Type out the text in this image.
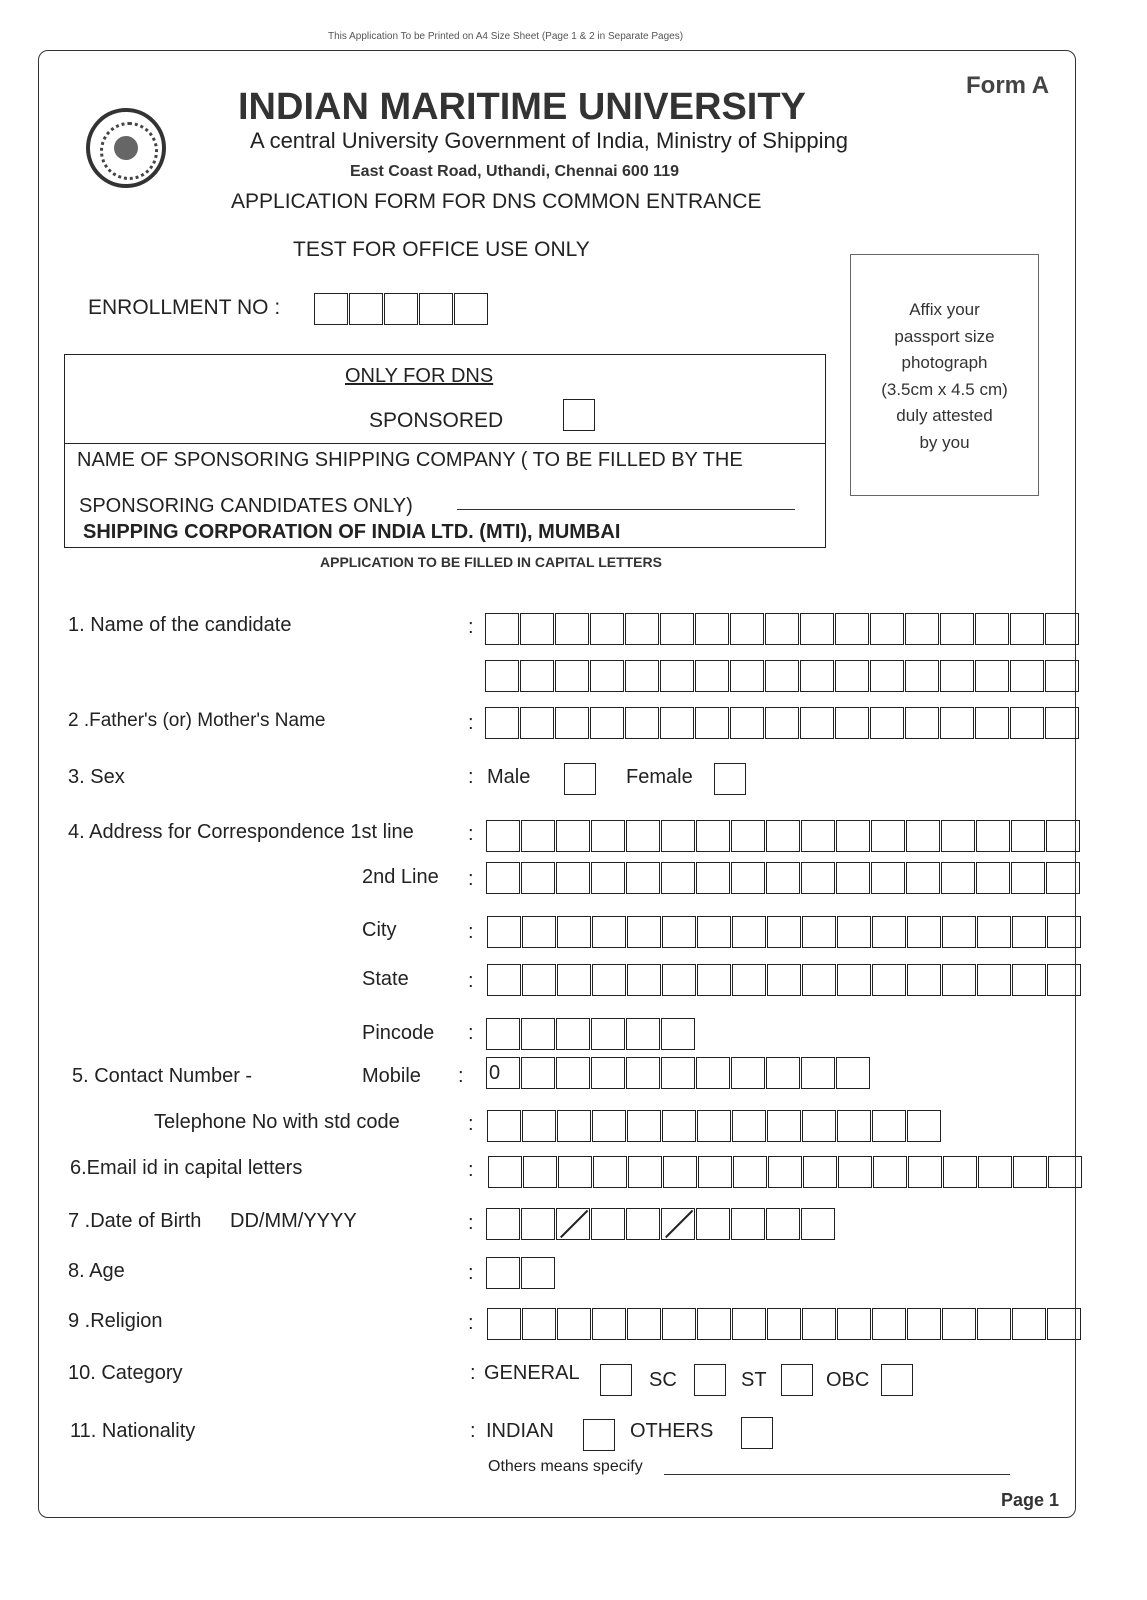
This Application To be Printed on A4 Size Sheet (Page 1 & 2 in Separate Pages)
Form A
INDIAN MARITIME UNIVERSITY
A central University Government of India, Ministry of Shipping
East Coast Road, Uthandi, Chennai 600 119
APPLICATION FORM FOR DNS COMMON ENTRANCE
TEST FOR OFFICE USE ONLY
ENROLLMENT NO :	Affix your
passport size
photograph
(3.5cm x 4.5 cm)
duly attested
by you
ONLY FOR DNS
SPONSORED
NAME OF SPONSORING SHIPPING COMPANY ( TO BE FILLED BY THE
SPONSORING CANDIDATES ONLY)
SHIPPING CORPORATION OF INDIA LTD. (MTI), MUMBAI
APPLICATION TO BE FILLED IN CAPITAL LETTERS
1. Name of the candidate	:
2 .Father's (or) Mother's Name	:
3. Sex	: Male	Female
4. Address for Correspondence 1st line	:
2nd Line :
City	:
State	:
Pincode :
5. Contact Number -	Mobile : 0
Telephone No with std code	:
6.Email id in capital letters	:
7 .Date of Birth DD/MM/YYYY	:
8. Age	:
9 .Religion	:
10. Category	: GENERAL	SC	ST	OBC
11. Nationality	: INDIAN	OTHERS
Others means specify
Page 1
